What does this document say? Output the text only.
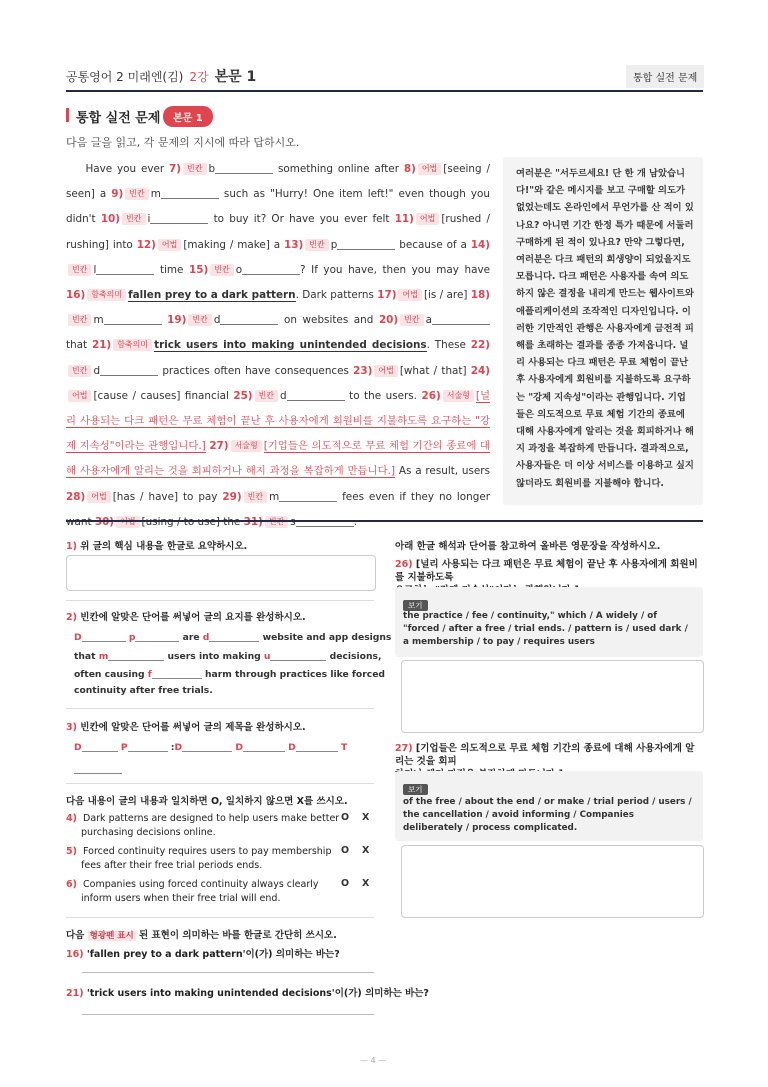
공통영어 2 미래엔(김) 2강 본문 1	통합 실전 문제
통합 실전 문제	본문 1
다음 글을 읽고, 각 문제의 지시에 따라 답하시오.
Have you ever 7) 빈칸 b	something online after 8) 어법 [seeing / seen] a 9) 빈칸 m	such as "Hurry! One item left!" even though you didn't 10) 빈칸 i	to buy it? Or have you ever felt 11) 어법 [rushed / rushing] into 12) 어법 [making / make] a 13) 빈칸 p	because of a 14)빈칸 l	time 15) 빈칸 o	? If you have, then you may have 16) 함축의미 fallen prey to a dark pattern. Dark patterns 17) 어법 [is / are] 18)빈칸 m	19) 빈칸 d	on websites and 20) 빈칸 a that 21) 함축의미 trick users into making unintended decisions. These 22)빈칸 d	practices often have consequences 23) 어법 [what / that] 24)어법 [cause / causes] financial 25) 빈칸 d	to the users. 26) 서술형 [널리 사용되는 다크 패턴은 무료 체험이 끝난 후 사용자에게 회원비를 지불하도록 요구하는 "강제 지속성"이라는 관행입니다.] 27) 서술형 [기업들은 의도적으로 무료 체험 기간의 종료에 대해 사용자에게 알리는 것을 회피하거나 해지 과정을 복잡하게 만듭니다.] As a result, users 28) 어법 [has / have] to pay 29) 빈칸 m	fees even if they no longer
여러분은 "서두르세요! 단 한 개 남았습니다!"와 같은 메시지를 보고 구매할 의도가 없었는데도 온라인에서 무언가를 산 적이 있나요? 아니면 기간 한정 특가 때문에 서둘러 구매하게 된 적이 있나요? 만약 그렇다면, 여러분은 다크 패턴의 희생양이 되었을지도 모릅니다. 다크 패턴은 사용자를 속여 의도하지 않은 결정을 내리게 만드는 웹사이트와 애플리케이션의 조작적인 디자인입니다. 이러한 기만적인 관행은 사용자에게 금전적 피해를 초래하는 결과를 종종 가져옵니다. 널리 사용되는 다크 패턴은 무료 체험이 끝난 후 사용자에게 회원비를 지불하도록 요구하는 "강제 지속성"이라는 관행입니다. 기업들은 의도적으로 무료 체험 기간의 종료에 대해 사용자에게 알리는 것을 회피하거나 해지 과정을 복잡하게 만듭니다. 결과적으로, 사용자들은 더 이상 서비스를 이용하고 싶지 않더라도 회원비를 지불해야 합니다.
1) 위 글의 핵심 내용을 한글로 요약하시오.
2) 빈칸에 알맞은 단어를 써넣어 글의 요지를 완성하시오.
D	p	are d	website and app designs
that m	users into making u	decisions,
often causing f	harm through practices like forced
continuity after free trials.
3) 빈칸에 알맞은 단어를 써넣어 글의 제목을 완성하시오.
D	P	:D	D	D	T
다음 내용이 글의 내용과 일치하면 O, 일치하지 않으면 X를 쓰시오.
4) Dark patterns are designed to help users make better
purchasing decisions online.
O X
5) Forced continuity requires users to pay membership
fees after their free trial periods ends.
O X
6) Companies using forced continuity always clearly
inform users when their free trial will end.
O X
다음 형광펜 표시 된 표현이 의미하는 바를 한글로 간단히 쓰시오.
16) 'fallen prey to a dark pattern'이(가) 의미하는 바는?
21) 'trick users into making unintended decisions'이(가) 의미하는 바는?
아래 한글 해석과 단어를 참고하여 올바른 영문장을 작성하시오.
26) [널리 사용되는 다크 패턴은 무료 체험이 끝난 후 사용자에게 회원비를 지불하도록

보기
the practice / fee / continuity," which / A widely / of "forced / after a free / trial ends. / pattern is / used dark / a membership / to pay / requires users
27) [기업들은 의도적으로 무료 체험 기간의 종료에 대해 사용자에게 알리는 것을 회피

보기
of the free / about the end / or make / trial period / users / the cancellation / avoid informing / Companies deliberately / process complicated.
— 4 —
